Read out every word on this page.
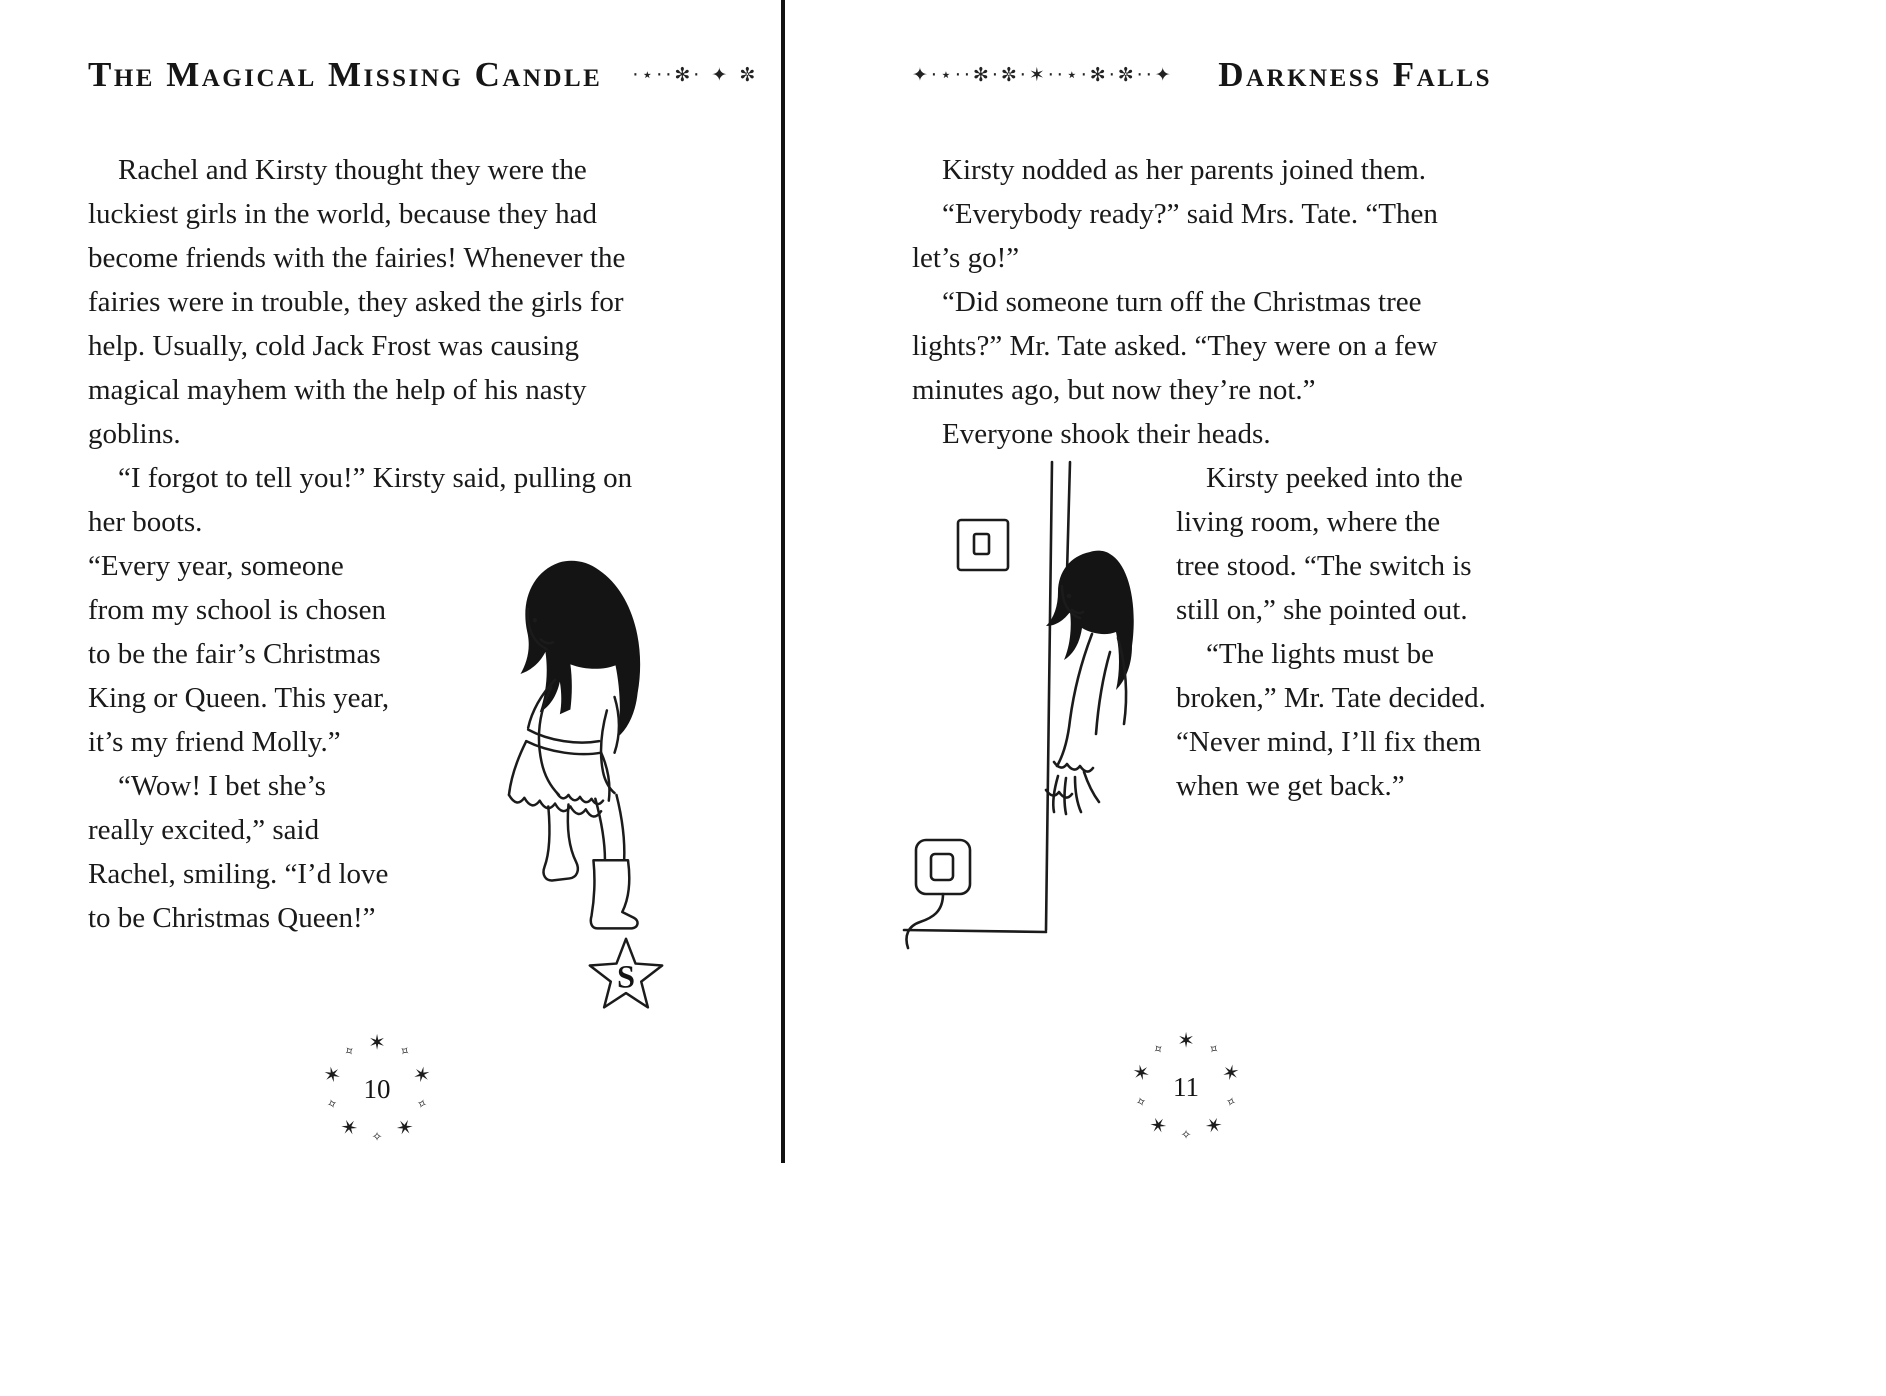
The Magical Missing Candle ·⋆··✻· ✦ ✼

Rachel and Kirsty thought they were the luckiest girls in the world, because they had become friends with the fairies! Whenever the fairies were in trouble, they asked the girls for help. Usually, cold Jack Frost was causing magical mayhem with the help of his nasty goblins.

“I forgot to tell you!” Kirsty said, pulling on her boots.

S

“Every year, someone from my school is chosen to be the fair’s Christmas King or Queen. This year, it’s my friend Molly.”

“Wow! I bet she’s really excited,” said Rachel, smiling. “I’d love to be Christmas Queen!”

✶ ✧
✶
✧
✶
✧
✶
✧
✶
✧
10
✦·⋆··✻·✼·✶··⋆·✻·✼··✦ Darkness Falls

Kirsty nodded as her parents joined them.

“Everybody ready?” said Mrs. Tate. “Then let’s go!”

“Did someone turn off the Christmas tree lights?” Mr. Tate asked. “They were on a few minutes ago, but now they’re not.”

Everyone shook their heads.

Kirsty peeked into the living room, where the tree stood. “The switch is still on,” she pointed out.

“The lights must be broken,” Mr. Tate decided. “Never mind, I’ll fix them when we get back.”

✶ ✧
✶
✧
✶
✧
✶
✧
✶
✧
11
